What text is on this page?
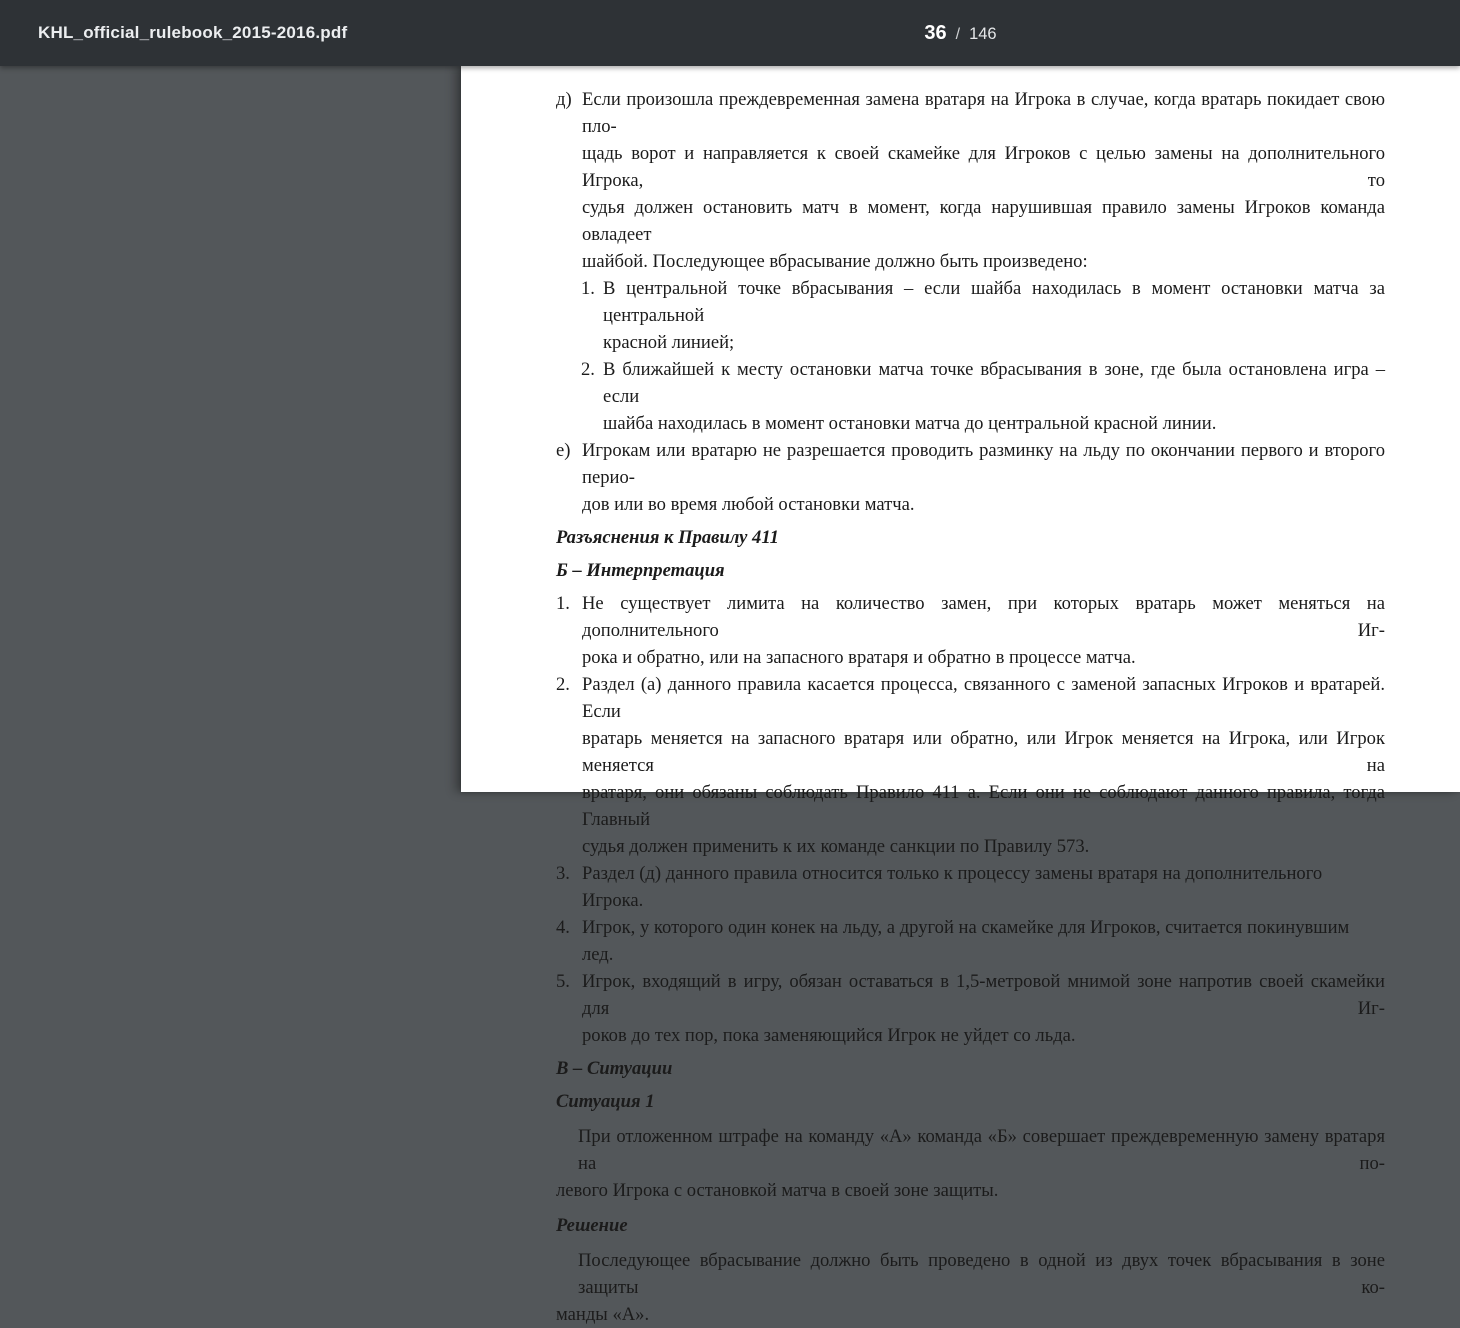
KHL_official_rulebook_2015-2016.pdf	36 / 146
д) Если произошла преждевременная замена вратаря на Игрока в случае, когда вратарь покидает свою пло-
щадь ворот и направляется к своей скамейке для Игроков с целью замены на дополнительного Игрока, то
судья должен остановить матч в момент, когда нарушившая правило замены Игроков команда овладеет
шайбой. Последующее вбрасывание должно быть произведено:
1. В центральной точке вбрасывания – если шайба находилась в момент остановки матча за центральной
красной линией;
2. В ближайшей к месту остановки матча точке вбрасывания в зоне, где была остановлена игра – если
шайба находилась в момент остановки матча до центральной красной линии.
е) Игрокам или вратарю не разрешается проводить разминку на льду по окончании первого и второго перио-
дов или во время любой остановки матча.
Разъяснения к Правилу 411
Б – Интерпретация
1. Не существует лимита на количество замен, при которых вратарь может меняться на дополнительного Иг-
рока и обратно, или на запасного вратаря и обратно в процессе матча.
2. Раздел (а) данного правила касается процесса, связанного с заменой запасных Игроков и вратарей. Если
вратарь меняется на запасного вратаря или обратно, или Игрок меняется на Игрока, или Игрок меняется на
вратаря, они обязаны соблюдать Правило 411 а. Если они не соблюдают данного правила, тогда Главный
судья должен применить к их команде санкции по Правилу 573.
3. Раздел (д) данного правила относится только к процессу замены вратаря на дополнительного Игрока.
4. Игрок, у которого один конек на льду, а другой на скамейке для Игроков, считается покинувшим лед.
5. Игрок, входящий в игру, обязан оставаться в 1,5-метровой мнимой зоне напротив своей скамейки для Иг-
роков до тех пор, пока заменяющийся Игрок не уйдет со льда.
В – Ситуации
Ситуация 1
При отложенном штрафе на команду «А» команда «Б» совершает преждевременную замену вратаря на по-
левого Игрока с остановкой матча в своей зоне защиты.
Решение
Последующее вбрасывание должно быть проведено в одной из двух точек вбрасывания в зоне защиты ко-
манды «А».
